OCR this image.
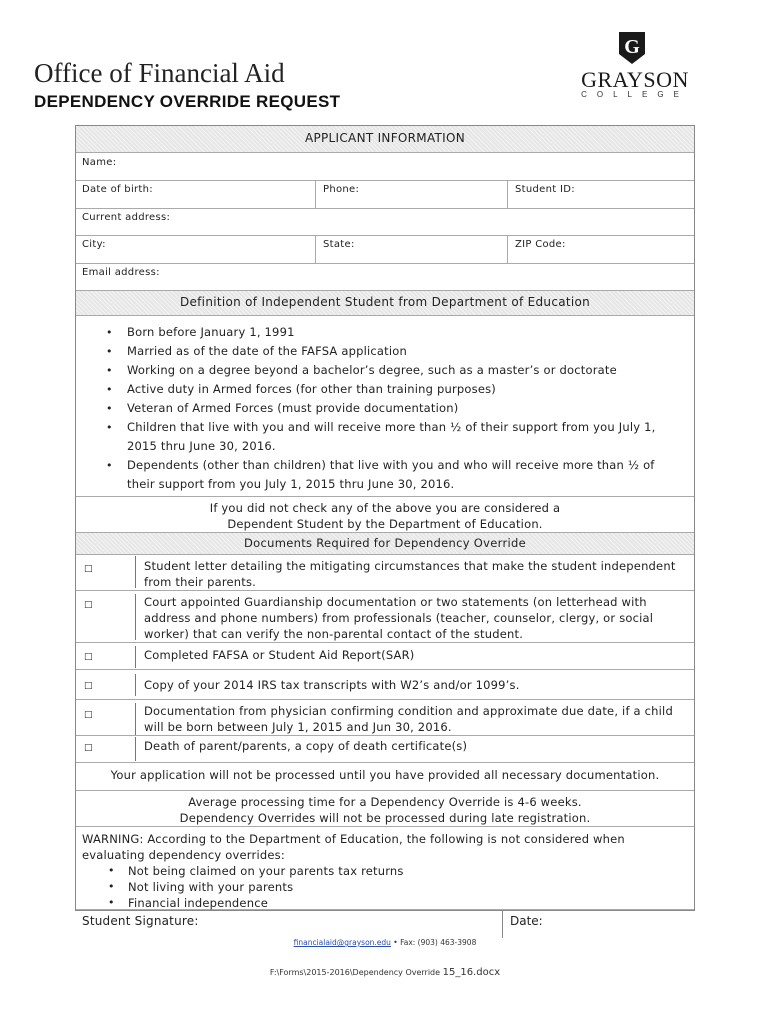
Office of Financial Aid
DEPENDENCY OVERRIDE REQUEST
G
GRAYSON
COLLEGE
APPLICANT INFORMATION
Name:
Date of birth:	Phone:	Student ID:
Current address:
City:	State:	ZIP Code:
Email address:
Definition of Independent Student from Department of Education
• Born before January 1, 1991
• Married as of the date of the FAFSA application
• Working on a degree beyond a bachelor’s degree, such as a master’s or doctorate
• Active duty in Armed forces (for other than training purposes)
• Veteran of Armed Forces (must provide documentation)
• Children that live with you and will receive more than ½ of their support from you July 1, 2015 thru June 30, 2016.
• Dependents (other than children) that live with you and who will receive more than ½ of their support from you July 1, 2015 thru June 30, 2016.
If you did not check any of the above you are considered a
Dependent Student by the Department of Education.
Documents Required for Dependency Override
□	Student letter detailing the mitigating circumstances that make the student independent from their parents.
□	Court appointed Guardianship documentation or two statements (on letterhead with address and phone numbers) from professionals (teacher, counselor, clergy, or social worker) that can verify the non-parental contact of the student.
□	Completed FAFSA or Student Aid Report(SAR)
□	Copy of your 2014 IRS tax transcripts with W2’s and/or 1099’s.
□	Documentation from physician confirming condition and approximate due date, if a child will be born between July 1, 2015 and Jun 30, 2016.
□	Death of parent/parents, a copy of death certificate(s)
Your application will not be processed until you have provided all necessary documentation.
Average processing time for a Dependency Override is 4-6 weeks.
Dependency Overrides will not be processed during late registration.
WARNING: According to the Department of Education, the following is not considered when evaluating dependency overrides:
• Not being claimed on your parents tax returns
• Not living with your parents
• Financial independence
Student Signature:	Date:
financialaid@grayson.edu • Fax: (903) 463-3908
F:\Forms\2015-2016\Dependency Override 15_16.docx
